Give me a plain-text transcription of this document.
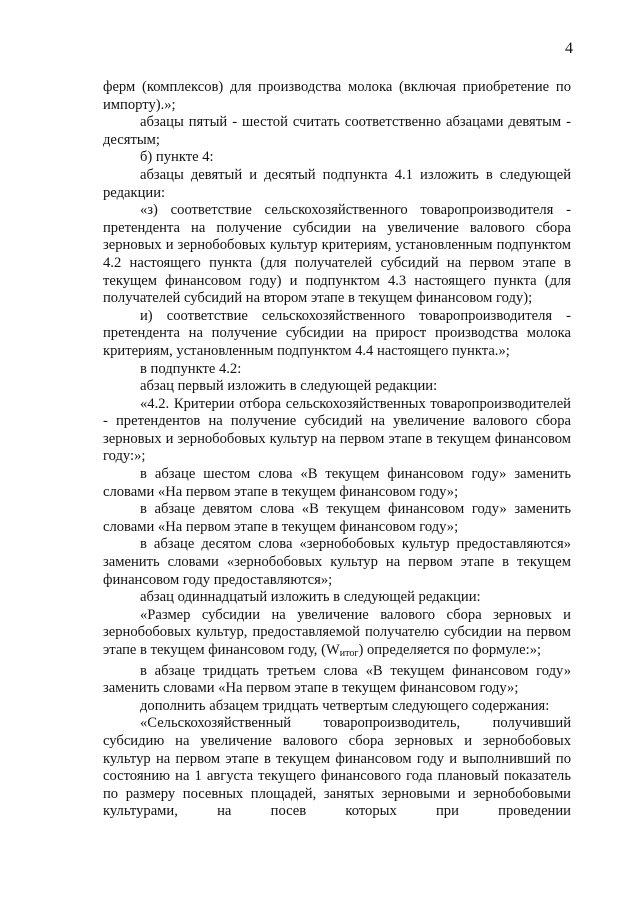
4

ферм (комплексов) для производства молока (включая приобретение по импорту).»;

абзацы пятый - шестой считать соответственно абзацами девятым - десятым;

б) пункте 4:

абзацы девятый и десятый подпункта 4.1 изложить в следующей редакции:

«з) соответствие сельскохозяйственного товаропроизводителя - претендента на получение субсидии на увеличение валового сбора зерновых и зернобобовых культур критериям, установленным подпунктом 4.2 настоящего пункта (для получателей субсидий на первом этапе в текущем финансовом году) и подпунктом 4.3 настоящего пункта (для получателей субсидий на втором этапе в текущем финансовом году);

и) соответствие сельскохозяйственного товаропроизводителя - претендента на получение субсидии на прирост производства молока критериям, установленным подпунктом 4.4 настоящего пункта.»;

в подпункте 4.2:

абзац первый изложить в следующей редакции:

«4.2. Критерии отбора сельскохозяйственных товаропроизводителей - претендентов на получение субсидий на увеличение валового сбора зерновых и зернобобовых культур на первом этапе в текущем финансовом году:»;

в абзаце шестом слова «В текущем финансовом году» заменить словами «На первом этапе в текущем финансовом году»;

в абзаце девятом слова «В текущем финансовом году» заменить словами «На первом этапе в текущем финансовом году»;

в абзаце десятом слова «зернобобовых культур предоставляются» заменить словами «зернобобовых культур на первом этапе в текущем финансовом году предоставляются»;

абзац одиннадцатый изложить в следующей редакции:

«Размер субсидии на увеличение валового сбора зерновых и зернобобовых культур, предоставляемой получателю субсидии на первом этапе в текущем финансовом году, $(W_{итог})$ определяется по формуле:»;

в абзаце тридцать третьем слова «В текущем финансовом году» заменить словами «На первом этапе в текущем финансовом году»;

дополнить абзацем тридцать четвертым следующего содержания:

«Сельскохозяйственный товаропроизводитель, получивший субсидию на увеличение валового сбора зерновых и зернобобовых культур на первом этапе в текущем финансовом году и выполнивший по состоянию на 1 августа текущего финансового года плановый показатель по размеру посевных площадей, занятых зерновыми и зернобобовыми культурами, на посев которых при проведении
